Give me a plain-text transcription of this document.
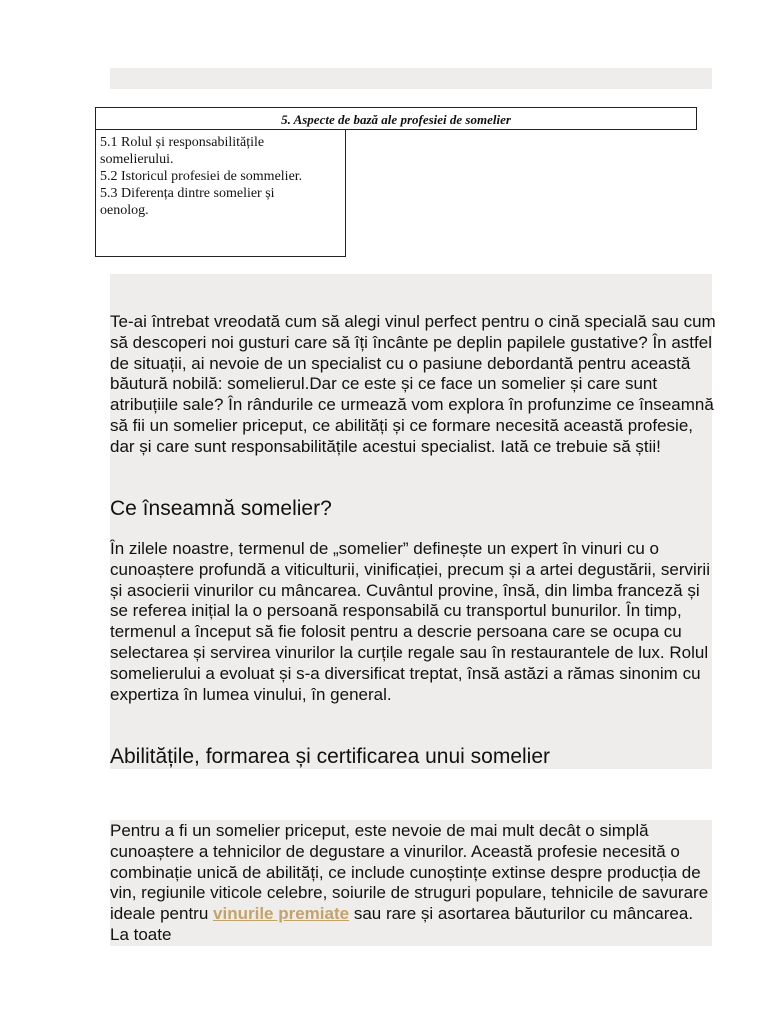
5. Aspecte de bază ale profesiei de somelier
5.1 Rolul și responsabilitățile
somelierului.
5.2 Istoricul profesiei de sommelier.
5.3 Diferența dintre somelier și
oenolog.
Te-ai întrebat vreodată cum să alegi vinul perfect pentru o cină specială sau cum să descoperi noi gusturi care să îți încânte pe deplin papilele gustative? În astfel de situații, ai nevoie de un specialist cu o pasiune debordantă pentru această băutură nobilă: somelierul.Dar ce este și ce face un somelier și care sunt atribuțiile sale? În rândurile ce urmează vom explora în profunzime ce înseamnă să fii un somelier priceput, ce abilități și ce formare necesită această profesie, dar și care sunt responsabilitățile acestui specialist. Iată ce trebuie să știi!
Ce înseamnă somelier?
În zilele noastre, termenul de „somelier” definește un expert în vinuri cu o cunoaștere profundă a viticulturii, vinificației, precum și a artei degustării, servirii și asocierii vinurilor cu mâncarea. Cuvântul provine, însă, din limba franceză și se referea inițial la o persoană responsabilă cu transportul bunurilor. În timp, termenul a început să fie folosit pentru a descrie persoana care se ocupa cu selectarea și servirea vinurilor la curțile regale sau în restaurantele de lux. Rolul somelierului a evoluat și s-a diversificat treptat, însă astăzi a rămas sinonim cu expertiza în lumea vinului, în general.
Abilitățile, formarea și certificarea unui somelier
Pentru a fi un somelier priceput, este nevoie de mai mult decât o simplă cunoaștere a tehnicilor de degustare a vinurilor. Această profesie necesită o combinație unică de abilități, ce include cunoștințe extinse despre producția de vin, regiunile viticole celebre, soiurile de struguri populare, tehnicile de savurare ideale pentru vinurile premiate sau rare și asortarea băuturilor cu mâncarea. La toate
